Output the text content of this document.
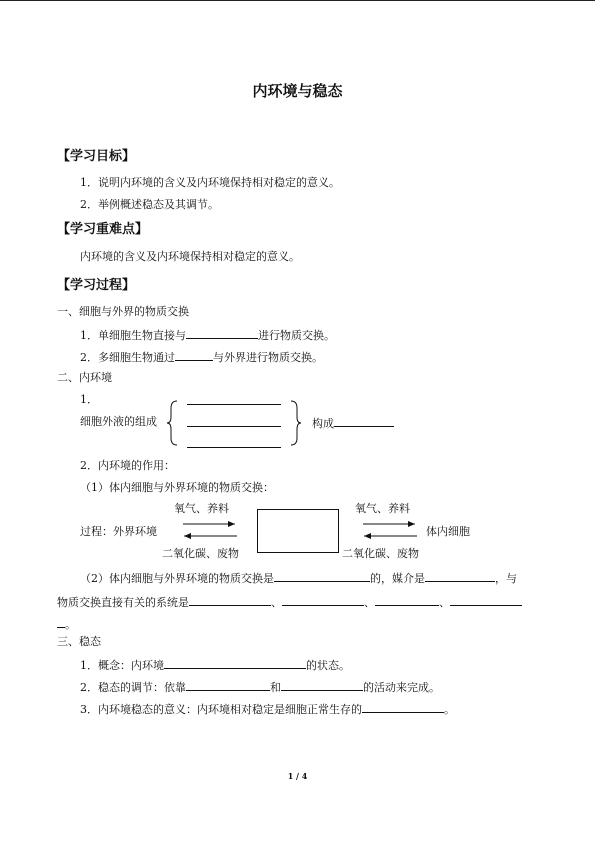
内环境与稳态
【学习目标】
1．说明内环境的含义及内环境保持相对稳定的意义。
2．举例概述稳态及其调节。
【学习重难点】
内环境的含义及内环境保持相对稳定的意义。
【学习过程】
一、细胞与外界的物质交换
1．单细胞生物直接与	进行物质交换。
2．多细胞生物通过	与外界进行物质交换。
二、内环境
1．
细胞外液的组成	构成
2．内环境的作用：
（1）体内细胞与外界环境的物质交换：
氧气、养料	氧气、养料
过程：外界环境	体内细胞
二氧化碳、废物	二氧化碳、废物
（2）体内细胞与外界环境的物质交换是	的，媒介是	，与
物质交换直接有关的系统是	、	、	、
。
三、稳态
1．概念：内环境	的状态。
2．稳态的调节：依靠	和	的活动来完成。
3．内环境稳态的意义：内环境相对稳定是细胞正常生存的	。
1 / 4
